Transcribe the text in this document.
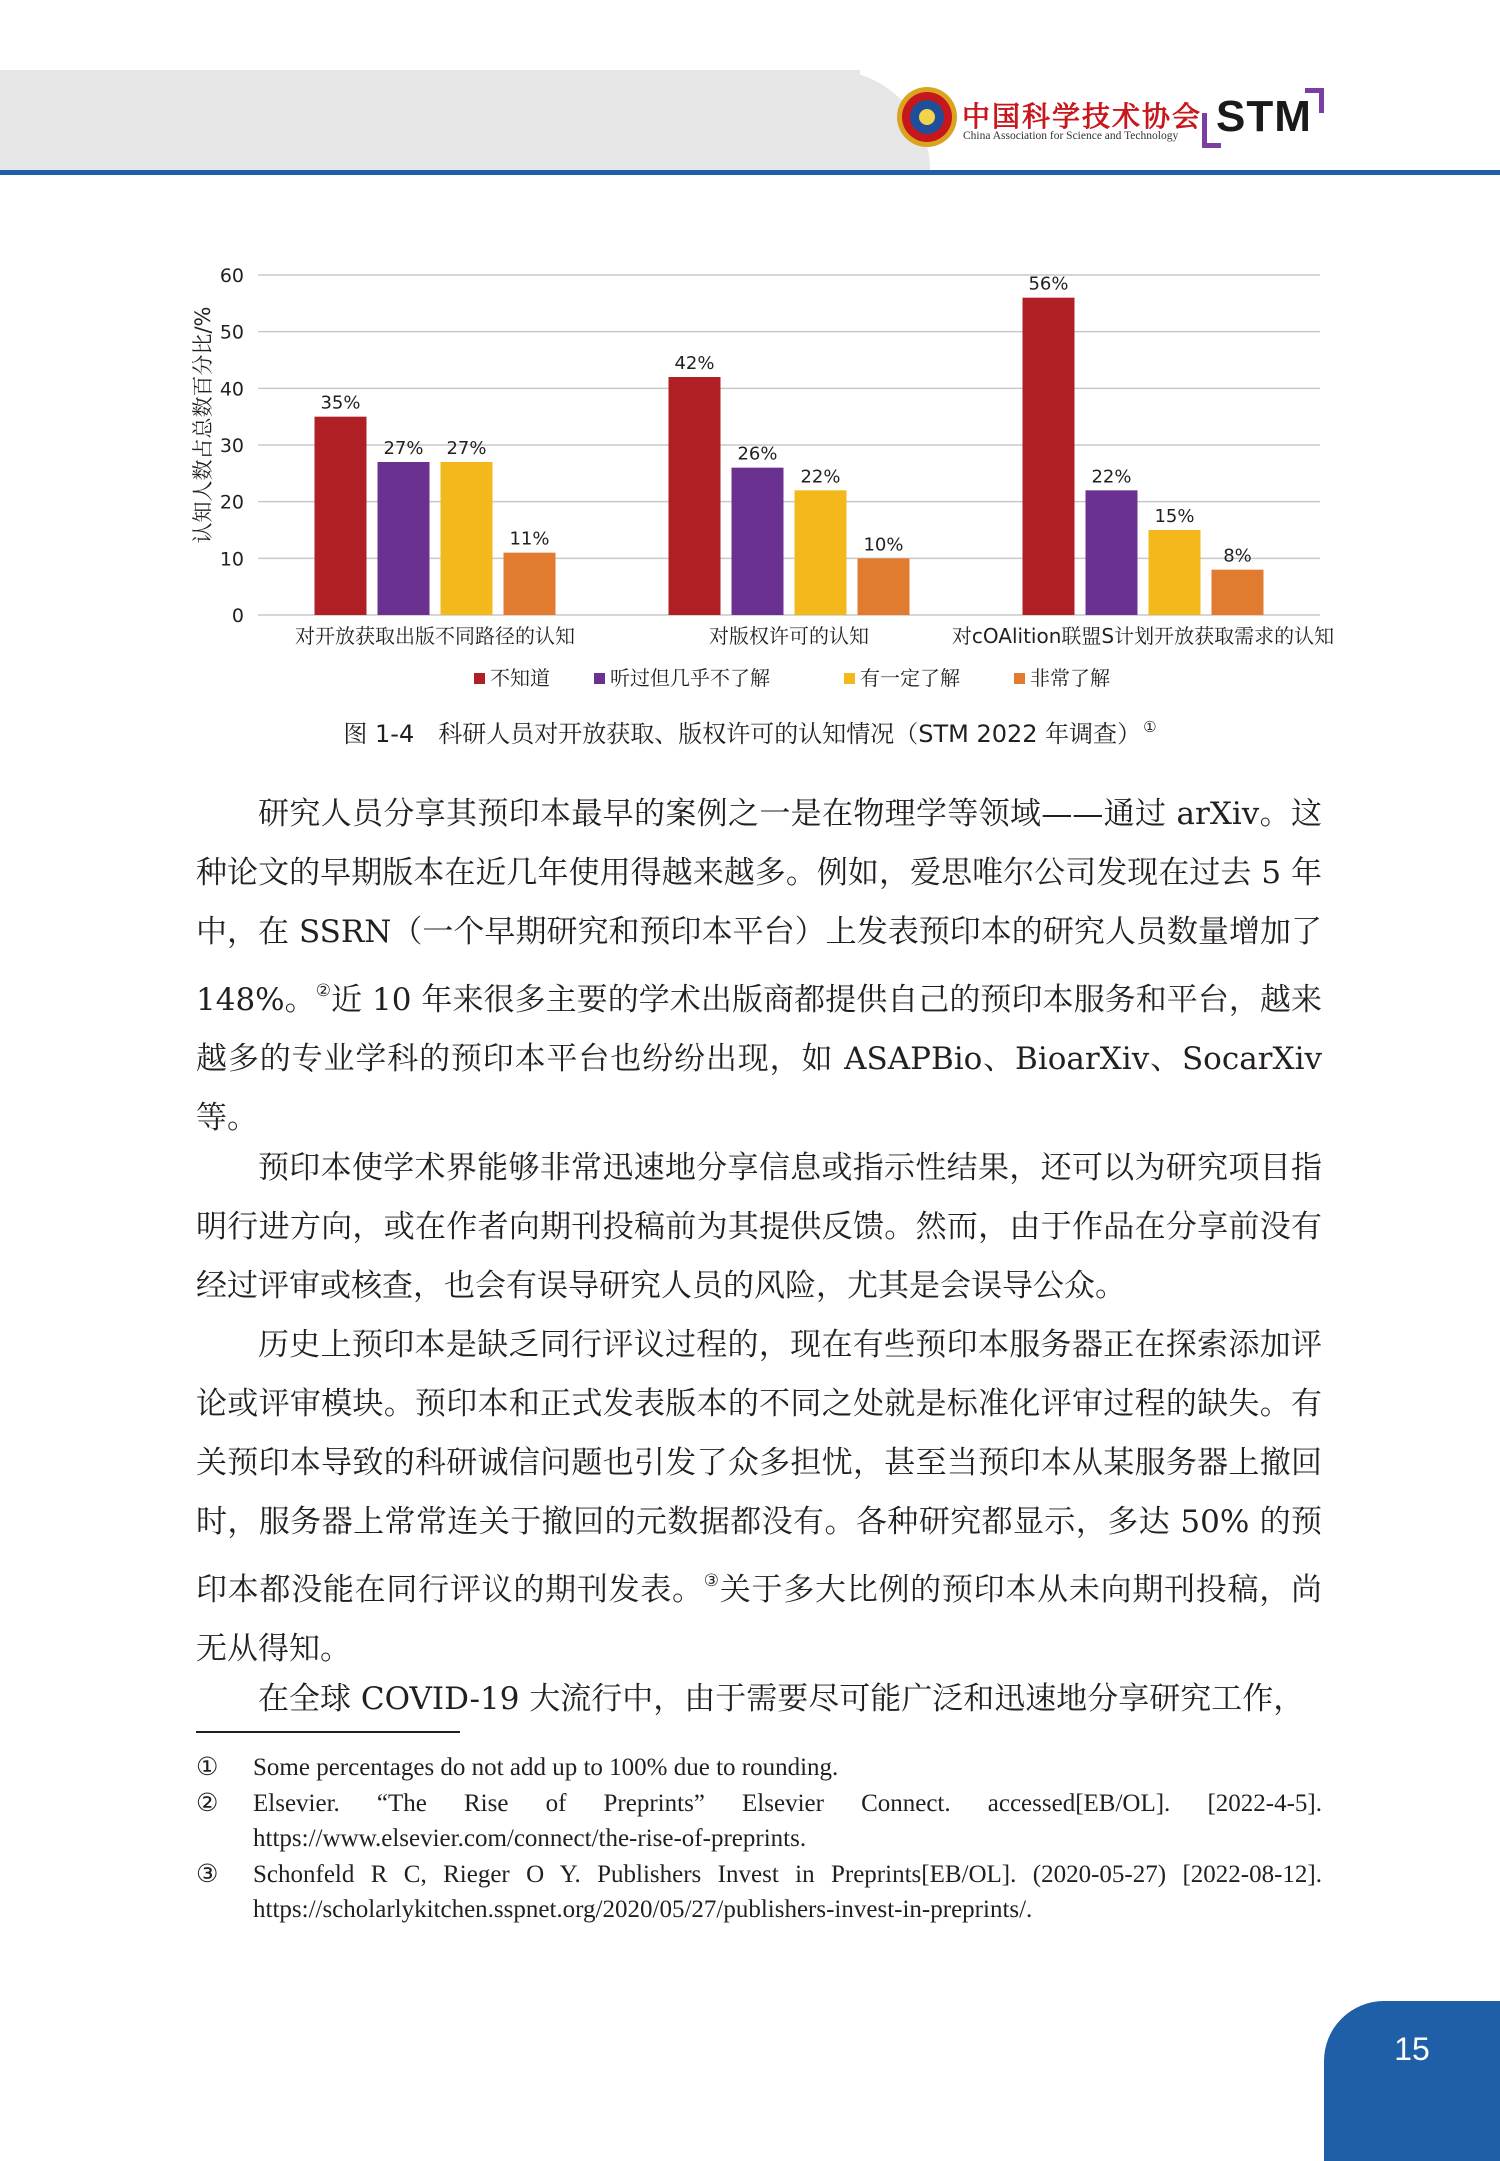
中国科学技术协会
China Association for Science and Technology STM
0
10
20
30
40
50
60
35%
27% 27%
11%
42%
26%
22%
10%
56%
22%
15%
8%
对开放获取出版不同路径的认知	对版权许可的认知	对cOAlition联盟S计划开放获取需求的认知
不知道	听过但几乎不了解	有一定了解	非常了解
认知人数占总数百分比/%
图 1-4　科研人员对开放获取、版权许可的认知情况（STM 2022 年调查） ①

研究人员分享其预印本最早的案例之一是在物理学等领域——通过 arXiv。这种论文的早期版本在近几年使用得越来越多。例如，爱思唯尔公司发现在过去 5 年中，在 SSRN（一个早期研究和预印本平台）上发表预印本的研究人员数量增加了 148%。②近 10 年来很多主要的学术出版商都提供自己的预印本服务和平台，越来越多的专业学科的预印本平台也纷纷出现，如 ASAPBio、BioarXiv、SocarXiv 等。

预印本使学术界能够非常迅速地分享信息或指示性结果，还可以为研究项目指明行进方向，或在作者向期刊投稿前为其提供反馈。然而，由于作品在分享前没有经过评审或核查，也会有误导研究人员的风险，尤其是会误导公众。

历史上预印本是缺乏同行评议过程的，现在有些预印本服务器正在探索添加评论或评审模块。预印本和正式发表版本的不同之处就是标准化评审过程的缺失。有关预印本导致的科研诚信问题也引发了众多担忧，甚至当预印本从某服务器上撤回时，服务器上常常连关于撤回的元数据都没有。各种研究都显示，多达 50% 的预印本都没能在同行评议的期刊发表。③关于多大比例的预印本从未向期刊投稿，尚无从得知。

在全球 COVID-19 大流行中，由于需要尽可能广泛和迅速地分享研究工作，

① Some percentages do not add up to 100% due to rounding.
② Elsevier. “The Rise of Preprints” Elsevier Connect. accessed[EB/OL]. [2022-4-5]. https://www.elsevier.com/connect/the-rise-of-preprints.
③ Schonfeld R C, Rieger O Y. Publishers Invest in Preprints[EB/OL]. (2020-05-27) [2022-08-12]. https://scholarlykitchen.sspnet.org/2020/05/27/publishers-invest-in-preprints/.
15
